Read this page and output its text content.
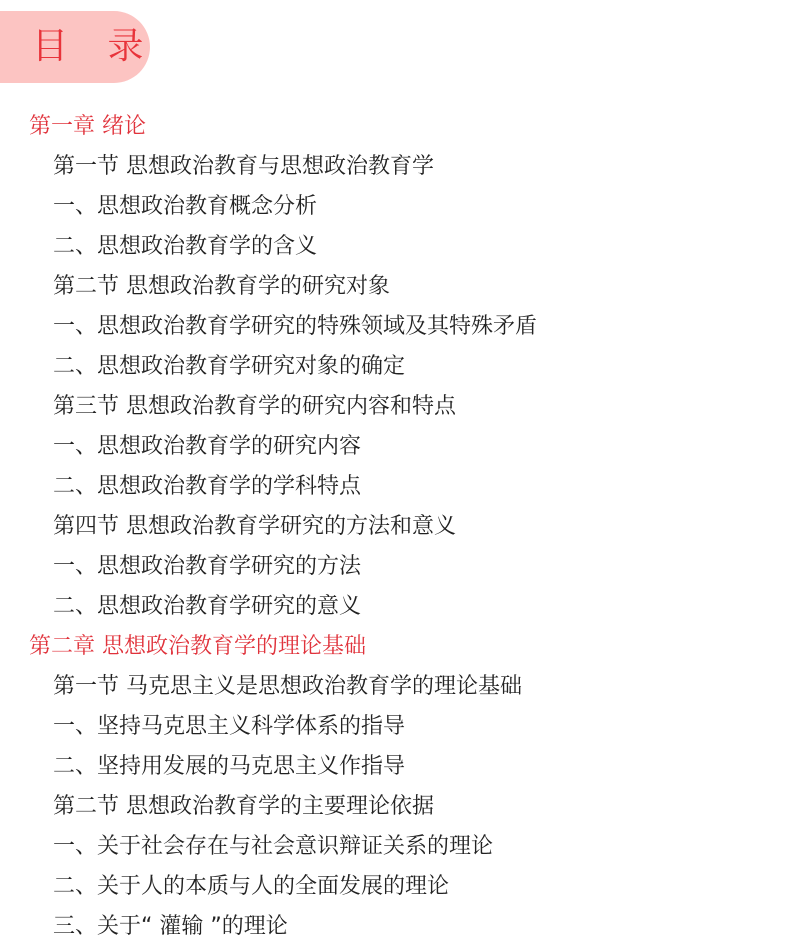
目 录
第一章 绪论
第一节 思想政治教育与思想政治教育学
一、思想政治教育概念分析
二、思想政治教育学的含义
第二节 思想政治教育学的研究对象
一、思想政治教育学研究的特殊领域及其特殊矛盾
二、思想政治教育学研究对象的确定
第三节 思想政治教育学的研究内容和特点
一、思想政治教育学的研究内容
二、思想政治教育学的学科特点
第四节 思想政治教育学研究的方法和意义
一、思想政治教育学研究的方法
二、思想政治教育学研究的意义
第二章 思想政治教育学的理论基础
第一节 马克思主义是思想政治教育学的理论基础
一、坚持马克思主义科学体系的指导
二、坚持用发展的马克思主义作指导
第二节 思想政治教育学的主要理论依据
一、关于社会存在与社会意识辩证关系的理论
二、关于人的本质与人的全面发展的理论
三、关于“ 灌输 ”的理论
